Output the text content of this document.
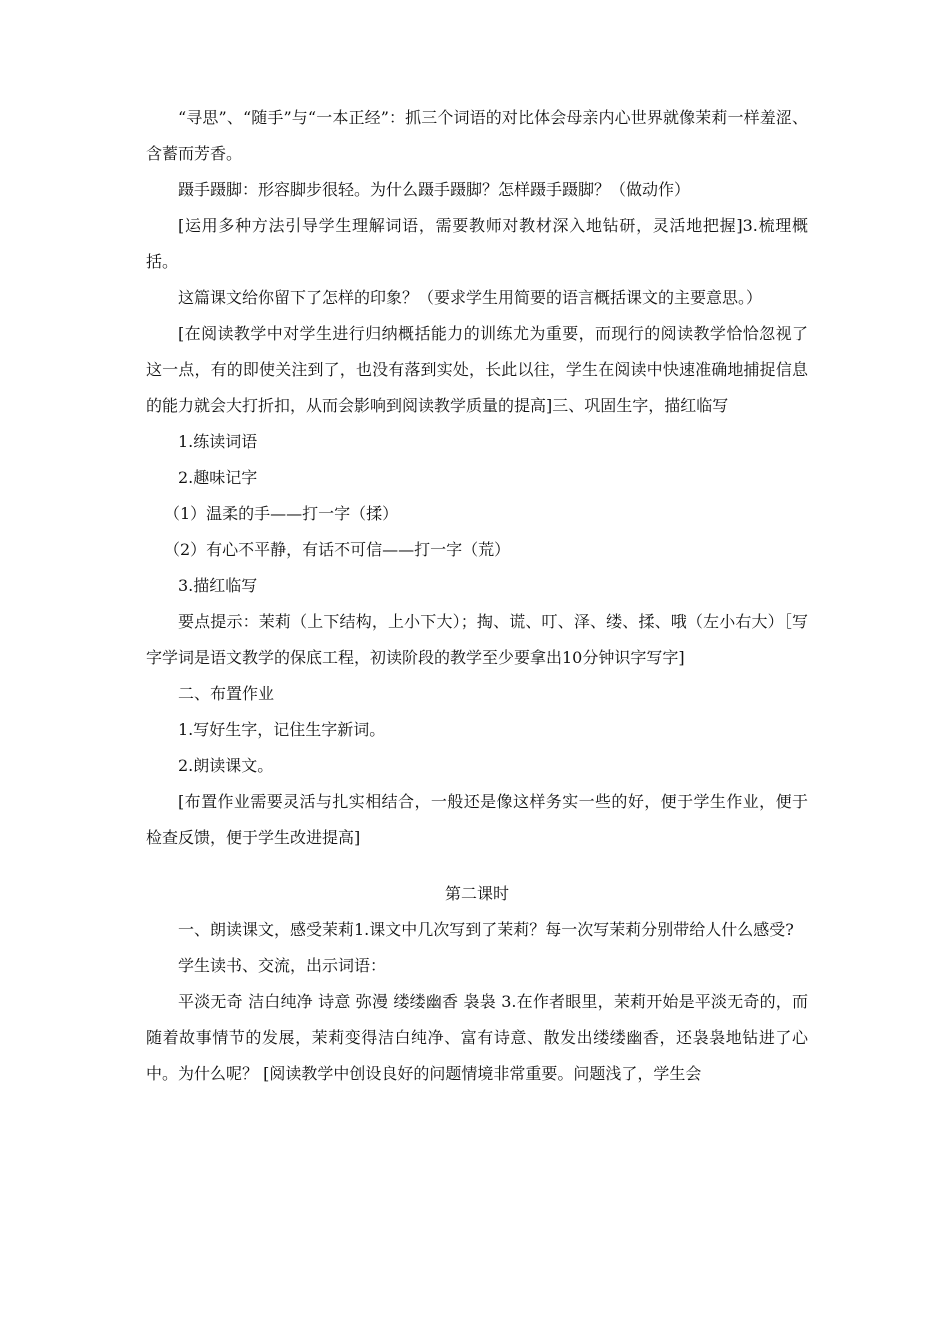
“寻思”、“随手”与“一本正经”：抓三个词语的对比体会母亲内心世界就像茉莉一样羞涩、含蓄而芳香。

蹑手蹑脚：形容脚步很轻。为什么蹑手蹑脚？怎样蹑手蹑脚？（做动作）

[运用多种方法引导学生理解词语，需要教师对教材深入地钻研，灵活地把握]3.梳理概括。

这篇课文给你留下了怎样的印象？（要求学生用简要的语言概括课文的主要意思。）

[在阅读教学中对学生进行归纳概括能力的训练尤为重要，而现行的阅读教学恰恰忽视了这一点，有的即使关注到了，也没有落到实处，长此以往，学生在阅读中快速准确地捕捉信息的能力就会大打折扣，从而会影响到阅读教学质量的提高]三、巩固生字，描红临写

1.练读词语

2.趣味记字

（1）温柔的手——打一字（揉）

（2）有心不平静，有话不可信——打一字（荒）

3.描红临写

要点提示：茉莉（上下结构，上小下大）；掏、谎、叮、泽、缕、揉、哦（左小右大）［写字学词是语文教学的保底工程，初读阶段的教学至少要拿出10分钟识字写字]

二、布置作业

1.写好生字，记住生字新词。

2.朗读课文。

[布置作业需要灵活与扎实相结合，一般还是像这样务实一些的好，便于学生作业，便于检查反馈，便于学生改进提高]

第二课时

一、朗读课文，感受茉莉1.课文中几次写到了茉莉？每一次写茉莉分别带给人什么感受?

学生读书、交流，出示词语：

平淡无奇 洁白纯净 诗意 弥漫 缕缕幽香 袅袅 3.在作者眼里，茉莉开始是平淡无奇的，而随着故事情节的发展，茉莉变得洁白纯净、富有诗意、散发出缕缕幽香，还袅袅地钻进了心中。为什么呢？ [阅读教学中创设良好的问题情境非常重要。问题浅了，学生会
